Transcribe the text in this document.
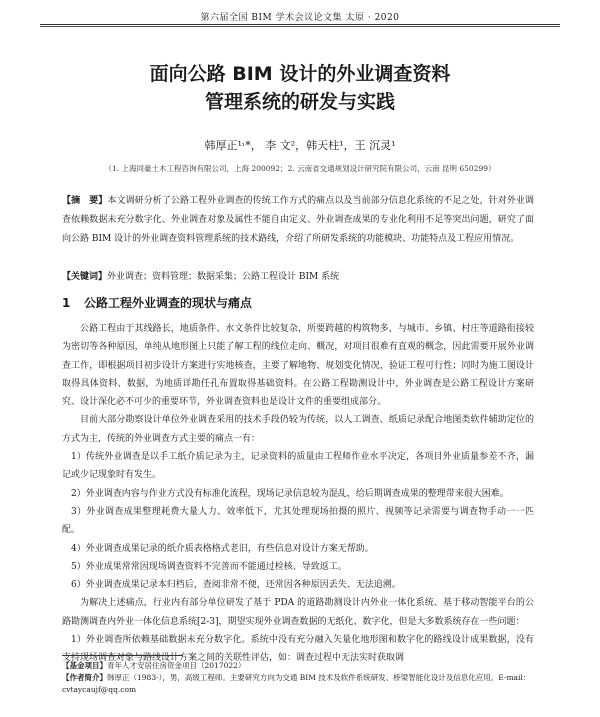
第六届全国 BIM 学术会议论文集 太原 · 2020
面向公路 BIM 设计的外业调查资料
管理系统的研发与实践
韩厚正¹˒*， 李 文²，韩天柱¹，王 沉灵¹
（1. 上海同豪土木工程咨询有限公司，上海 200092；2. 云南省交通规划设计研究院有限公司，云南 昆明 650299）
【摘　要】本文调研分析了公路工程外业调查的传统工作方式的痛点以及当前部分信息化系统的不足之处，针对外业调查依赖数据未充分数字化、外业调查对象及属性不能自由定义、外业调查成果的专业化利用不足等突出问题，研究了面向公路 BIM 设计的外业调查资料管理系统的技术路线，介绍了所研发系统的功能模块、功能特点及工程应用情况。
【关键词】外业调查；资料管理；数据采集；公路工程设计 BIM 系统
1 公路工程外业调查的现状与痛点

公路工程由于其线路长，地质条件、水文条件比较复杂，所要跨越的构筑物多，与城市、乡镇、村庄等道路衔接较为密切等各种原因，单纯从地形图上只能了解工程的线位走向、概况，对项目很难有直观的概念，因此需要开展外业调查工作，即根据项目初步设计方案进行实地核查，主要了解地物、规划变化情况，验证工程可行性；同时为施工图设计取得具体资料、数据，为地质详勘任孔布置取得基础资料。在公路工程勘测设计中，外业调查是公路工程设计方案研究、设计深化必不可少的重要环节，外业调查资料也是设计文件的重要组成部分。

目前大部分勘察设计单位外业调查采用的技术手段仍较为传统，以人工调查、纸质记录配合地图类软件辅助定位的方式为主，传统的外业调查方式主要的痛点一有：

1）传统外业调查是以手工纸介质记录为主，记录资料的质量由工程师作业水平决定，各项目外业质量参差不齐，漏记或少记现象时有发生。

2）外业调查内容与作业方式没有标准化流程，现场记录信息较为混乱，给后期调查成果的整理带来很大困难。

3）外业调查成果整理耗费大量人力、效率低下，尤其处理现场拍摄的照片、视频等记录需要与调查物手动一一匹配。

4）外业调查成果记录的纸介质表格格式老旧，有些信息对设计方案无帮助。

5）外业成果常常因现场调查资料不完善而不能通过检核、导致返工。

6）外业调查成果记录本归档后，查阅非常不便，还常因各种原因丢失、无法追溯。

为解决上述痛点，行业内有部分单位研发了基于 PDA 的道路勘测设计内外业一体化系统、基于移动智能平台的公路勘测调查内外业一体化信息系统[2-3]，期望实现外业调查数据的无纸化、数字化，但是大多数系统存在一些问题：

1）外业调查所依赖基础数据未充分数字化。系统中没有充分融入矢量化地形图和数字化的路线设计成果数据，没有支持现场调查对象与路线设计方案之间的关联性评估，如：调查过程中无法实时获取调

【基金项目】青年人才安居住房资金项目（2017022）

【作者简介】韩厚正（1983-），男，高级工程师。主要研究方向为交通 BIM 技术及软件系统研发、桥梁智能化设计及信息化应用。E-mail：

cvtaycaujf@qq.com
